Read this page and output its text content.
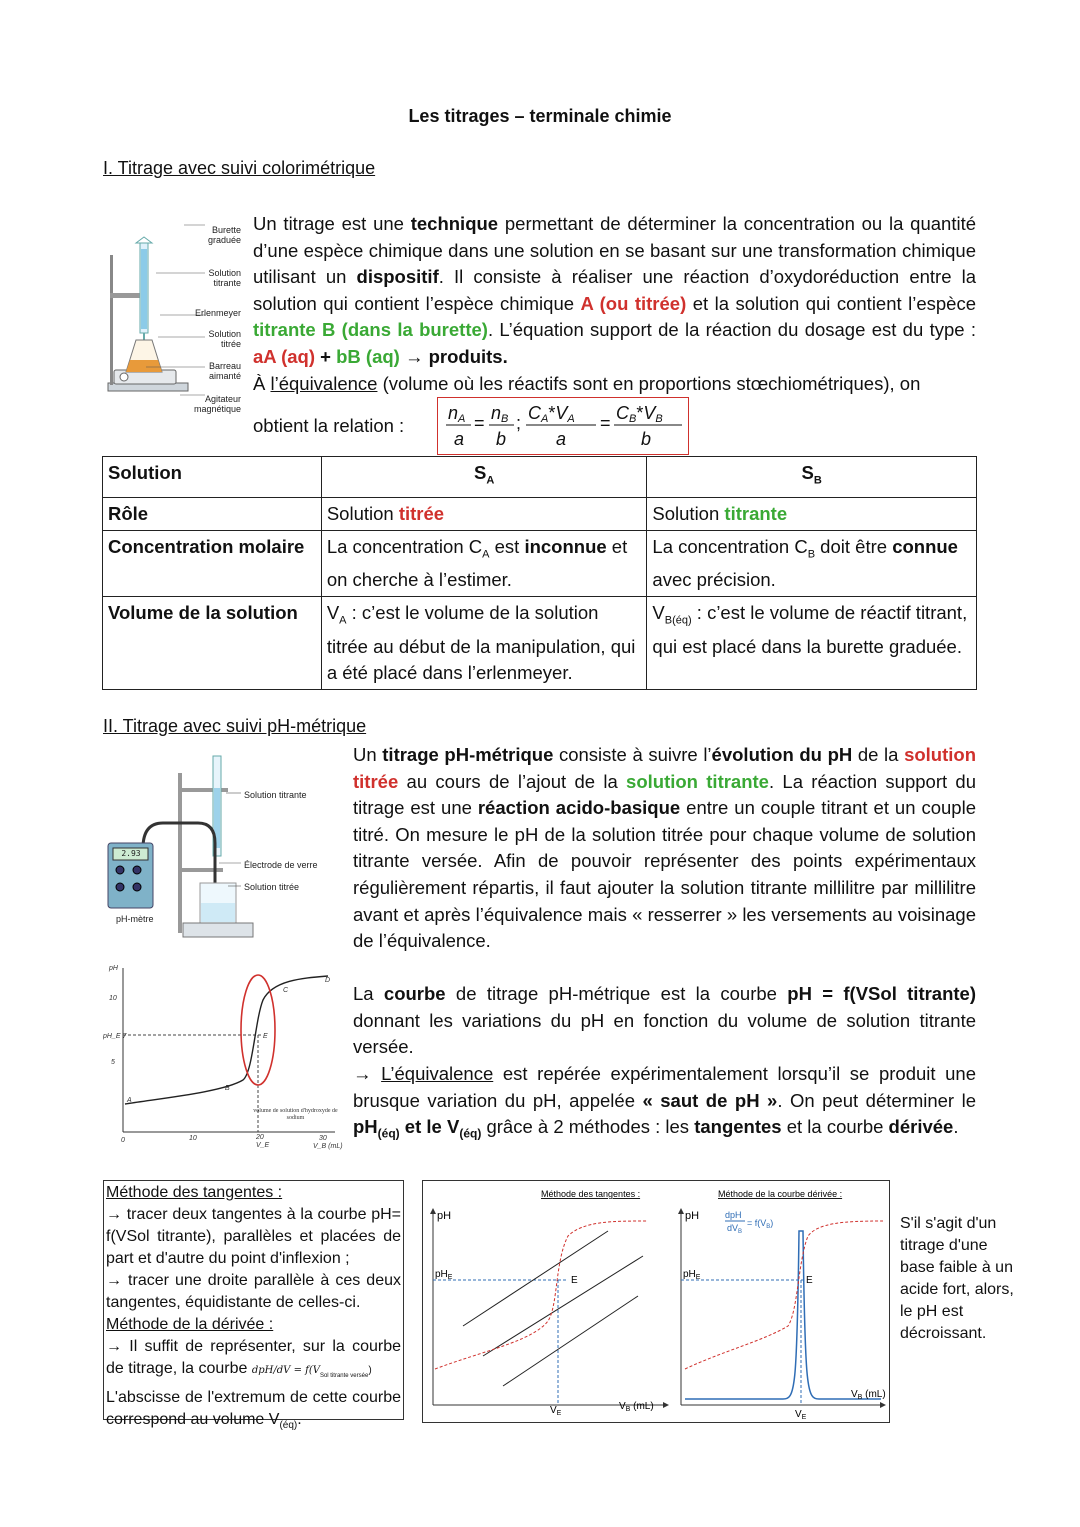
Les titrages – terminale chimie
I. Titrage avec suivi colorimétrique
Burette graduée
Solution titrante
Erlenmeyer
Solution titrée
Barreau aimanté
Agitateur magnétique
Un titrage est une technique permettant de déterminer la concentration ou la quantité d’une espèce chimique dans une solution en se basant sur une transformation chimique utilisant un dispositif. Il consiste à réaliser une réaction d’oxydoréduction entre la solution qui contient l’espèce chimique A (ou titrée) et la solution qui contient l’espèce titrante B (dans la burette). L’équation support de la réaction du dosage est du type : aA (aq) + bB (aq) → produits.
À l’équivalence (volume où les réactifs sont en proportions stœchiométriques), on
obtient la relation :
nA
a
= nB
b
; CA*VA
a
= CB*VB
b
Solution	$S_A$	$S_B$
Rôle	Solution titrée	Solution titrante
Concentration molaire	La concentration $C_A$ est inconnue et on cherche à l’estimer.	La concentration $C_B$ doit être connue avec précision.
Volume de la solution	$V_A$ : c’est le volume de la solution titrée au début de la manipulation, qui a été placé dans l’erlenmeyer.	$V_{B(éq)}$ : c’est le volume de réactif titrant, qui est placé dans la burette graduée.
II. Titrage avec suivi pH-métrique
2.93
Solution titrante
Électrode de verre
Solution titrée
pH-mètre
pH
10
pH_E 7
5
0	10	20
V_E
30
V_B (mL)
A
B
C
D
E
volume de solution d'hydroxyde de sodium
Un titrage pH-métrique consiste à suivre l’évolution du pH de la solution titrée au cours de l’ajout de la solution titrante. La réaction support du titrage est une réaction acido-basique entre un couple titrant et un couple titré. On mesure le pH de la solution titrée pour chaque volume de solution titrante versée. Afin de pouvoir représenter des points expérimentaux régulièrement répartis, il faut ajouter la solution titrante millilitre par millilitre avant et après l’équivalence mais « resserrer » les versements au voisinage de l’équivalence.
La courbe de titrage pH-métrique est la courbe pH = f(VSol titrante) donnant les variations du pH en fonction du volume de solution titrante versée.
→ L’équivalence est repérée expérimentalement lorsqu’il se produit une brusque variation du pH, appelée « saut de pH ». On peut déterminer le $pH_{(éq)}$ et le $V_{(éq)}$ grâce à 2 méthodes : les tangentes et la courbe dérivée.
Méthode des tangentes :
→ tracer deux tangentes à la courbe pH= f(VSol titrante), parallèles et placées de part et d'autre du point d'inflexion ;
→ tracer une droite parallèle à ces deux tangentes, équidistante de celles-ci.
Méthode de la dérivée :
→ Il suffit de représenter, sur la courbe de titrage, la courbe $dpH/dV = f(V_{Sol titrante versée})$
L'abscisse de l'extremum de cette courbe correspond au volume $V_{(éq)}$.
Méthode des tangentes :
pH
$pH_E$	E
$V_E$
$V_B$ (mL)
Méthode de la courbe dérivée :
pH	dpH
$dV_B$
= $f(V_B)$
$pH_E$	E
$V_E$
$V_B$ (mL)
S'il s'agit d'un titrage d'une base faible à un acide fort, alors, le pH est décroissant.
